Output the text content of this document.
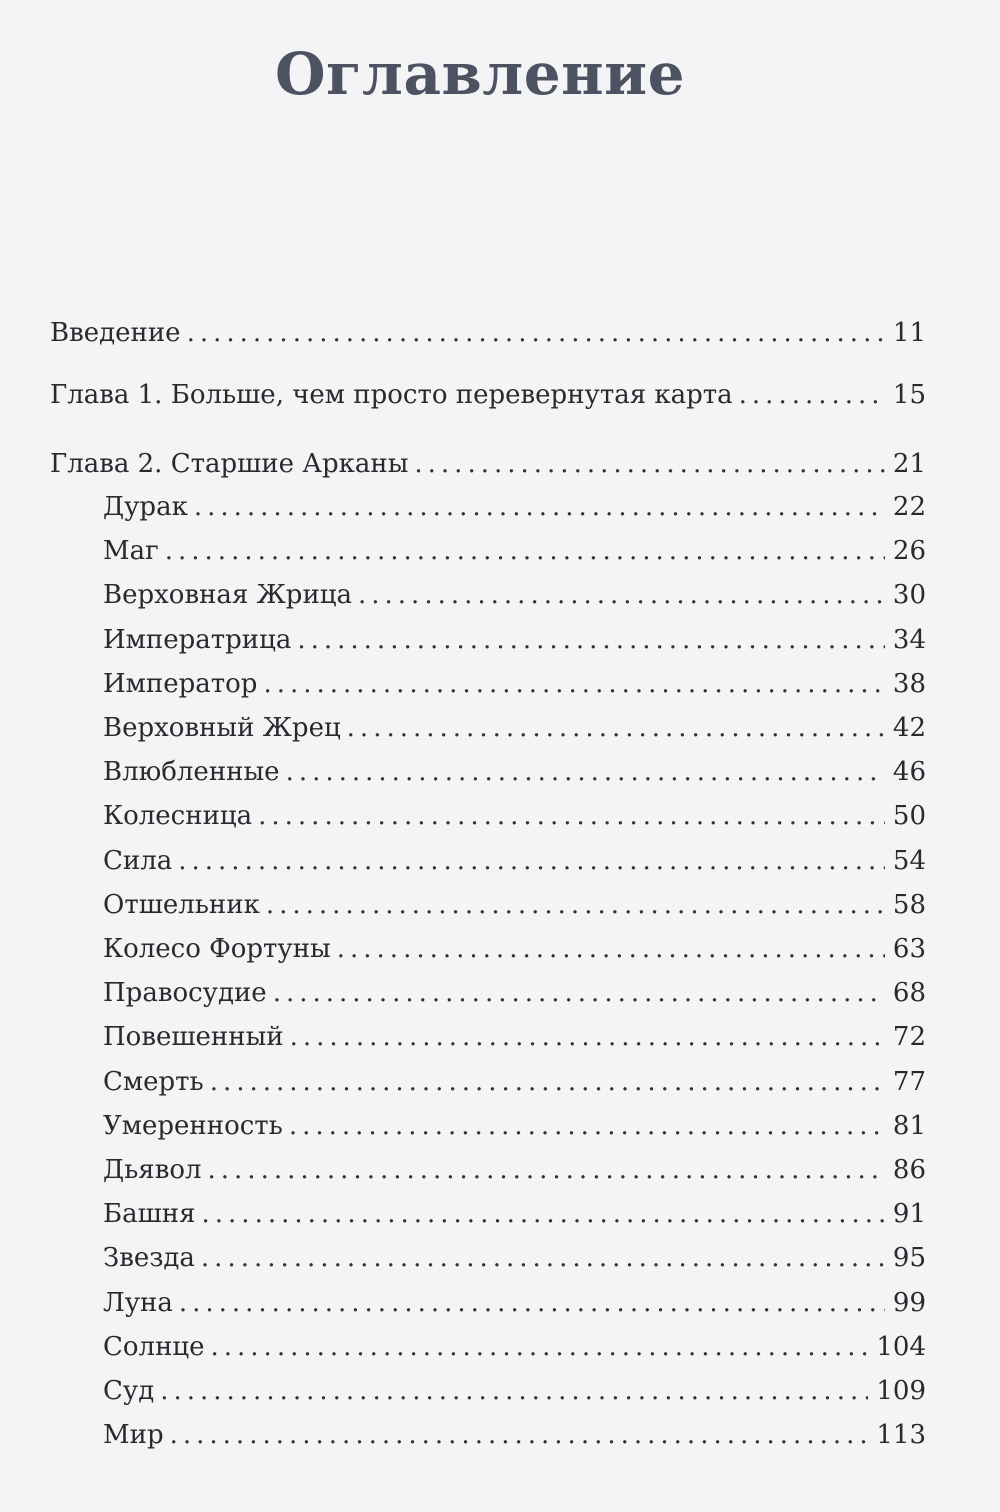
Оглавление
Введение .....	11
Глава 1. Больше, чем просто перевернутая карта .....	15
Глава 2. Старшие Арканы .....	21
Дурак .....	22
Маг .....	26
Верховная Жрица .....	30
Императрица .....	34
Император .....	38
Верховный Жрец .....	42
Влюбленные .....	46
Колесница .....	50
Сила .....	54
Отшельник .....	58
Колесо Фортуны .....	63
Правосудие .....	68
Повешенный .....	72
Смерть .....	77
Умеренность .....	81
Дьявол .....	86
Башня .....	91
Звезда .....	95
Луна .....	99
Солнце .....	104
Суд .....	109
Мир .....	113
